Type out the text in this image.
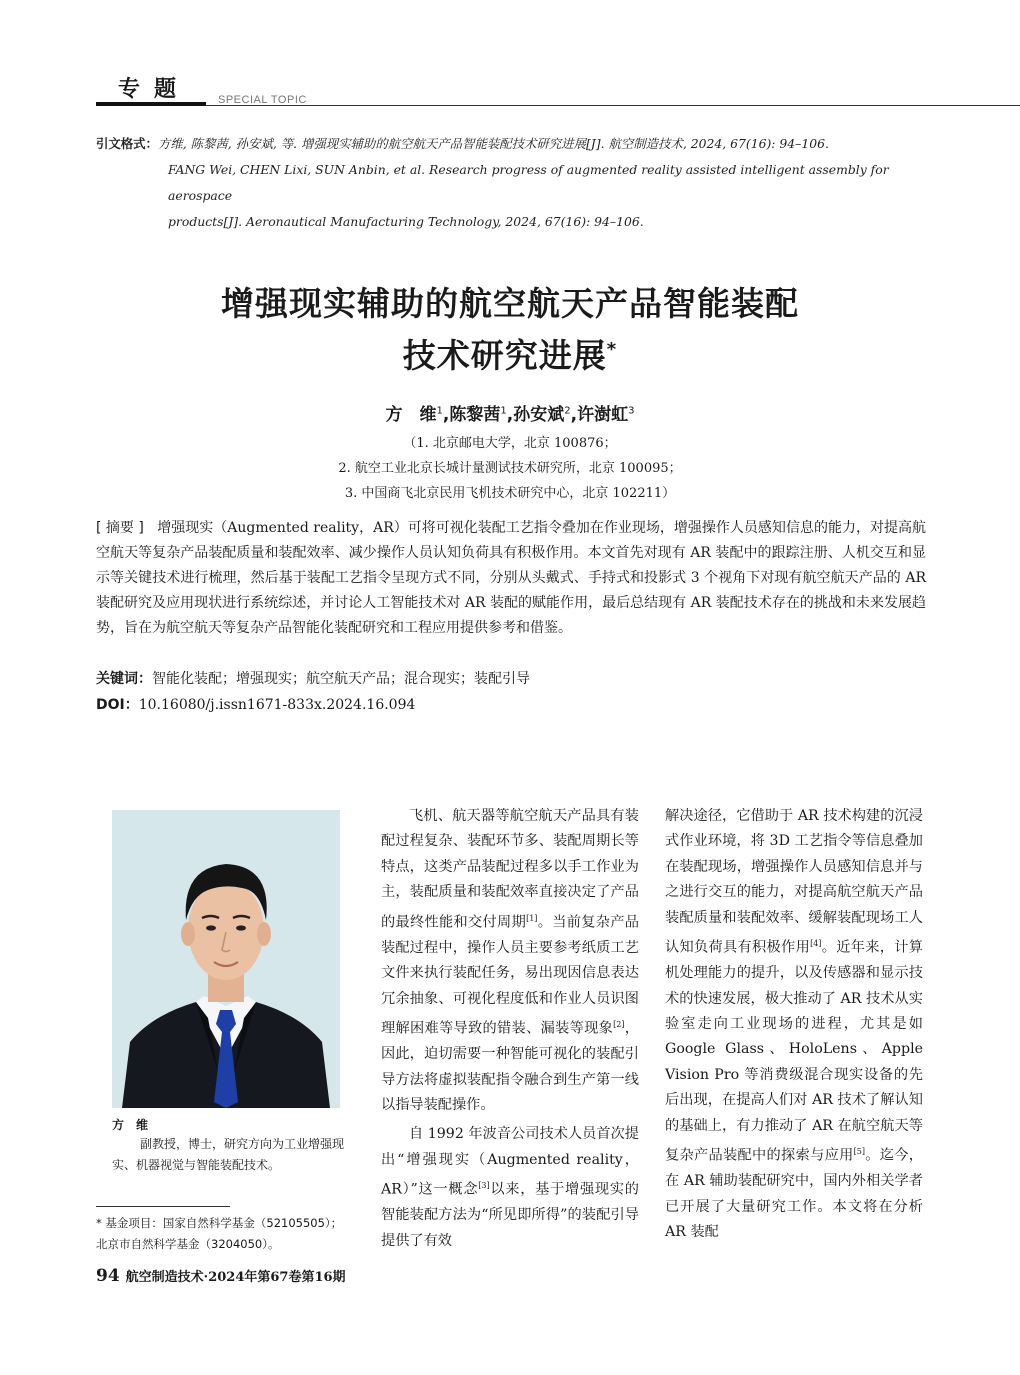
专题	SPECIAL TOPIC
引文格式：方维, 陈黎茜, 孙安斌, 等. 增强现实辅助的航空航天产品智能装配技术研究进展[J]. 航空制造技术, 2024, 67(16): 94–106.
FANG Wei, CHEN Lixi, SUN Anbin, et al. Research progress of augmented reality assisted intelligent assembly for aerospace
products[J]. Aeronautical Manufacturing Technology, 2024, 67(16): 94–106.
增强现实辅助的航空航天产品智能装配
技术研究进展*
方　维$^1$,陈黎茜$^1$,孙安斌$^2$,许澍虹$^3$
（1. 北京邮电大学，北京 100876；
2. 航空工业北京长城计量测试技术研究所，北京 100095；
3. 中国商飞北京民用飞机技术研究中心，北京 102211）
[ 摘要 ] 增强现实（Augmented reality，AR）可将可视化装配工艺指令叠加在作业现场，增强操作人员感知信息的能力，对提高航空航天等复杂产品装配质量和装配效率、减少操作人员认知负荷具有积极作用。本文首先对现有 AR 装配中的跟踪注册、人机交互和显示等关键技术进行梳理，然后基于装配工艺指令呈现方式不同，分别从头戴式、手持式和投影式 3 个视角下对现有航空航天产品的 AR 装配研究及应用现状进行系统综述，并讨论人工智能技术对 AR 装配的赋能作用，最后总结现有 AR 装配技术存在的挑战和未来发展趋势，旨在为航空航天等复杂产品智能化装配研究和工程应用提供参考和借鉴。
关键词：智能化装配；增强现实；航空航天产品；混合现实；装配引导
DOI：10.16080/j.issn1671-833x.2024.16.094
方　维
副教授，博士，研究方向为工业增强现实、机器视觉与智能装配技术。
* 基金项目：国家自然科学基金（52105505）；
北京市自然科学基金（3204050）。
94 航空制造技术·2024年第67卷第16期

飞机、航天器等航空航天产品具有装配过程复杂、装配环节多、装配周期长等特点，这类产品装配过程多以手工作业为主，装配质量和装配效率直接决定了产品的最终性能和交付周期[1]。当前复杂产品装配过程中，操作人员主要参考纸质工艺文件来执行装配任务，易出现因信息表达冗余抽象、可视化程度低和作业人员识图理解困难等导致的错装、漏装等现象[2]，因此，迫切需要一种智能可视化的装配引导方法将虚拟装配指令融合到生产第一线以指导装配操作。

自 1992 年波音公司技术人员首次提出“增强现实（Augmented reality，AR）”这一概念[3]以来，基于增强现实的智能装配方法为“所见即所得”的装配引导提供了有效

解决途径，它借助于 AR 技术构建的沉浸式作业环境，将 3D 工艺指令等信息叠加在装配现场，增强操作人员感知信息并与之进行交互的能力，对提高航空航天产品装配质量和装配效率、缓解装配现场工人认知负荷具有积极作用[4]。近年来，计算机处理能力的提升，以及传感器和显示技术的快速发展，极大推动了 AR 技术从实验室走向工业现场的进程，尤其是如 Google Glass、HoloLens、Apple Vision Pro 等消费级混合现实设备的先后出现，在提高人们对 AR 技术了解认知的基础上，有力推动了 AR 在航空航天等复杂产品装配中的探索与应用[5]。迄今，在 AR 辅助装配研究中，国内外相关学者已开展了大量研究工作。本文将在分析 AR 装配
